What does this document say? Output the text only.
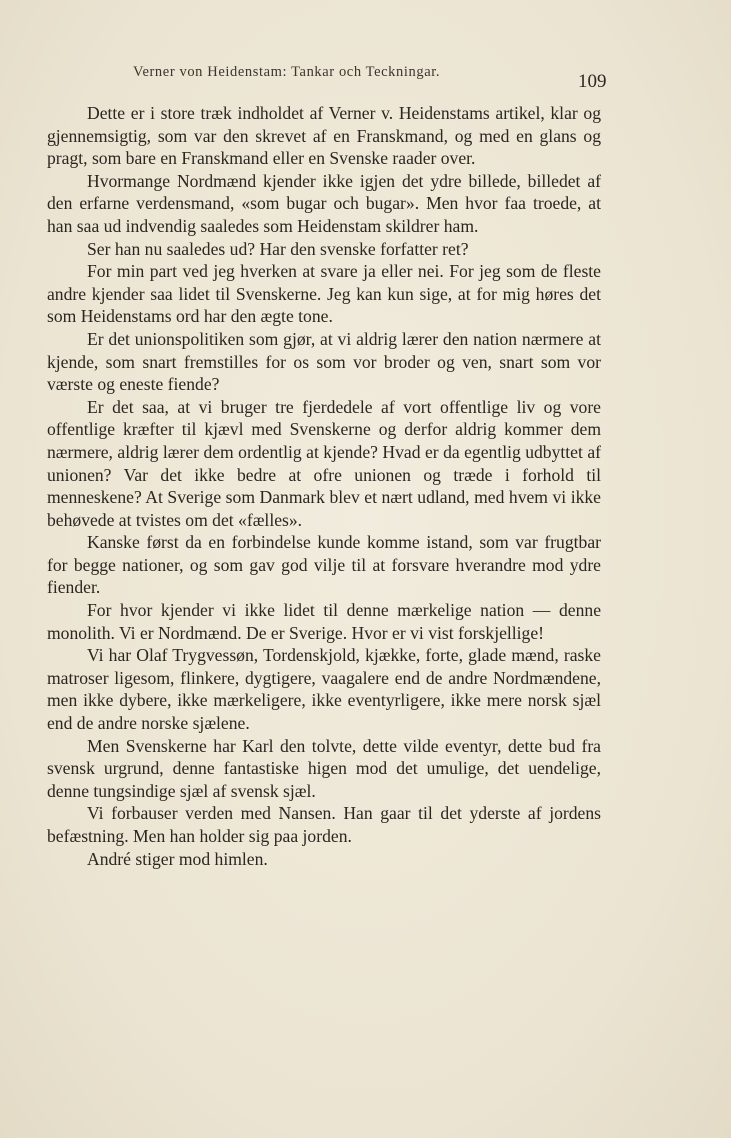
Verner von Heidenstam: Tankar och Teckningar.	109

Dette er i store træk indholdet af Verner v. Heidenstams artikel, klar og gjennemsigtig, som var den skrevet af en Franskmand, og med en glans og pragt, som bare en Franskmand eller en Svenske raader over.

Hvormange Nordmænd kjender ikke igjen det ydre billede, billedet af den erfarne verdensmand, «som bugar och bugar». Men hvor faa troede, at han saa ud indvendig saaledes som Heidenstam skildrer ham.

Ser han nu saaledes ud? Har den svenske forfatter ret?

For min part ved jeg hverken at svare ja eller nei. For jeg som de fleste andre kjender saa lidet til Svenskerne. Jeg kan kun sige, at for mig høres det som Heidenstams ord har den ægte tone.

Er det unionspolitiken som gjør, at vi aldrig lærer den nation nærmere at kjende, som snart fremstilles for os som vor broder og ven, snart som vor værste og eneste fiende?

Er det saa, at vi bruger tre fjerdedele af vort offentlige liv og vore offentlige kræfter til kjævl med Svenskerne og derfor aldrig kommer dem nærmere, aldrig lærer dem ordentlig at kjende? Hvad er da egentlig udbyttet af unionen? Var det ikke bedre at ofre unionen og træde i forhold til menneskene? At Sverige som Danmark blev et nært udland, med hvem vi ikke behøvede at tvistes om det «fælles».

Kanske først da en forbindelse kunde komme istand, som var frugtbar for begge nationer, og som gav god vilje til at forsvare hverandre mod ydre fiender.

For hvor kjender vi ikke lidet til denne mærkelige nation — denne monolith. Vi er Nordmænd. De er Sverige. Hvor er vi vist forskjellige!

Vi har Olaf Trygvessøn, Tordenskjold, kjække, forte, glade mænd, raske matroser ligesom, flinkere, dygtigere, vaagalere end de andre Nordmændene, men ikke dybere, ikke mærkeligere, ikke eventyrligere, ikke mere norsk sjæl end de andre norske sjælene.

Men Svenskerne har Karl den tolvte, dette vilde eventyr, dette bud fra svensk urgrund, denne fantastiske higen mod det umulige, det uendelige, denne tungsindige sjæl af svensk sjæl.

Vi forbauser verden med Nansen. Han gaar til det yderste af jordens befæstning. Men han holder sig paa jorden.

André stiger mod himlen.
